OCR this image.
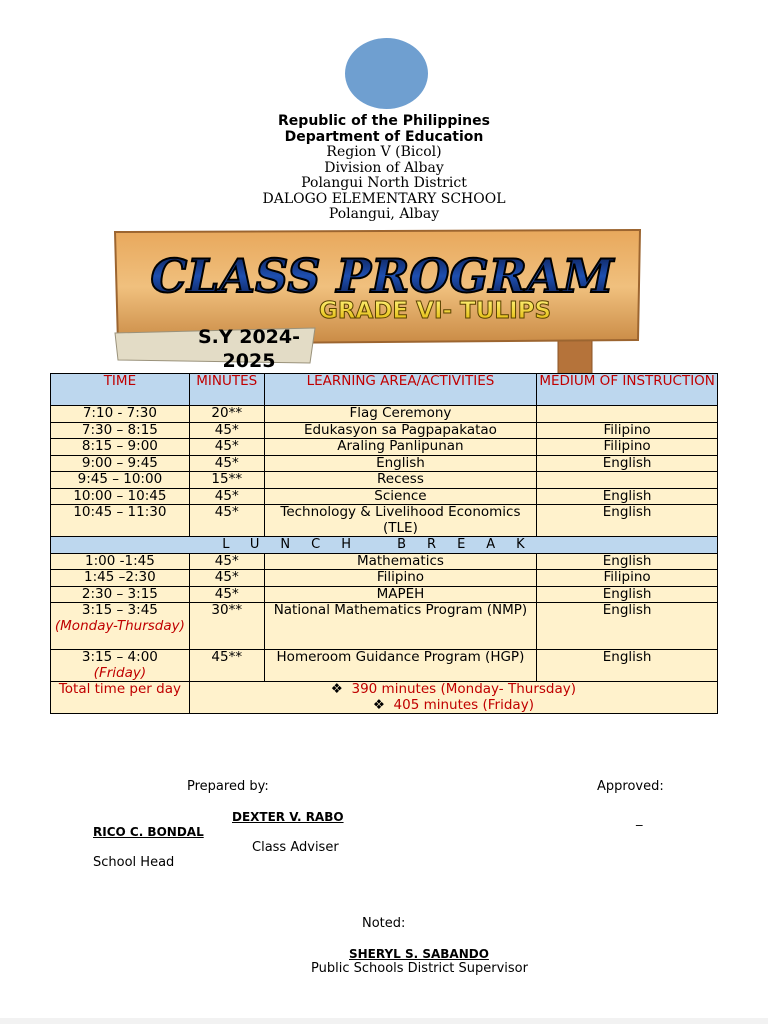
Republic of the Philippines
Department of Education
Region V (Bicol)
Division of Albay
Polangui North District
DALOGO ELEMENTARY SCHOOL
Polangui, Albay
CLASS PROGRAM
GRADE VI- TULIPS
S.Y 2024-2025
TIME	MINUTES	LEARNING AREA/ACTIVITIES	MEDIUM OF INSTRUCTION
7:10 - 7:30	20**	Flag Ceremony	
7:30 – 8:15	45*	Edukasyon sa Pagpapakatao	Filipino
8:15 – 9:00	45*	Araling Panlipunan	Filipino
9:00 – 9:45	45*	English	English
9:45 – 10:00	15**	Recess	
10:00 – 10:45	45*	Science	English
10:45 – 11:30	45*	Technology & Livelihood Economics (TLE)	English
LUNCH BREAK			
1:00 -1:45	45*	Mathematics	English
1:45 –2:30	45*	Filipino	Filipino
2:30 – 3:15	45*	MAPEH	English

3:15 – 3:45
(Monday-Thursday)	30**	National Mathematics Program (NMP)	English

3:15 – 4:00
(Friday)	45**	Homeroom Guidance Program (HGP)	English
Total time per day	❖ 390 minutes (Monday- Thursday)
❖ 405 minutes (Friday)		
Prepared by:	Approved:
DEXTER V. RABO	_
RICO C. BONDAL
Class Adviser
School Head
Noted:
SHERYL S. SABANDO
Public Schools District Supervisor
